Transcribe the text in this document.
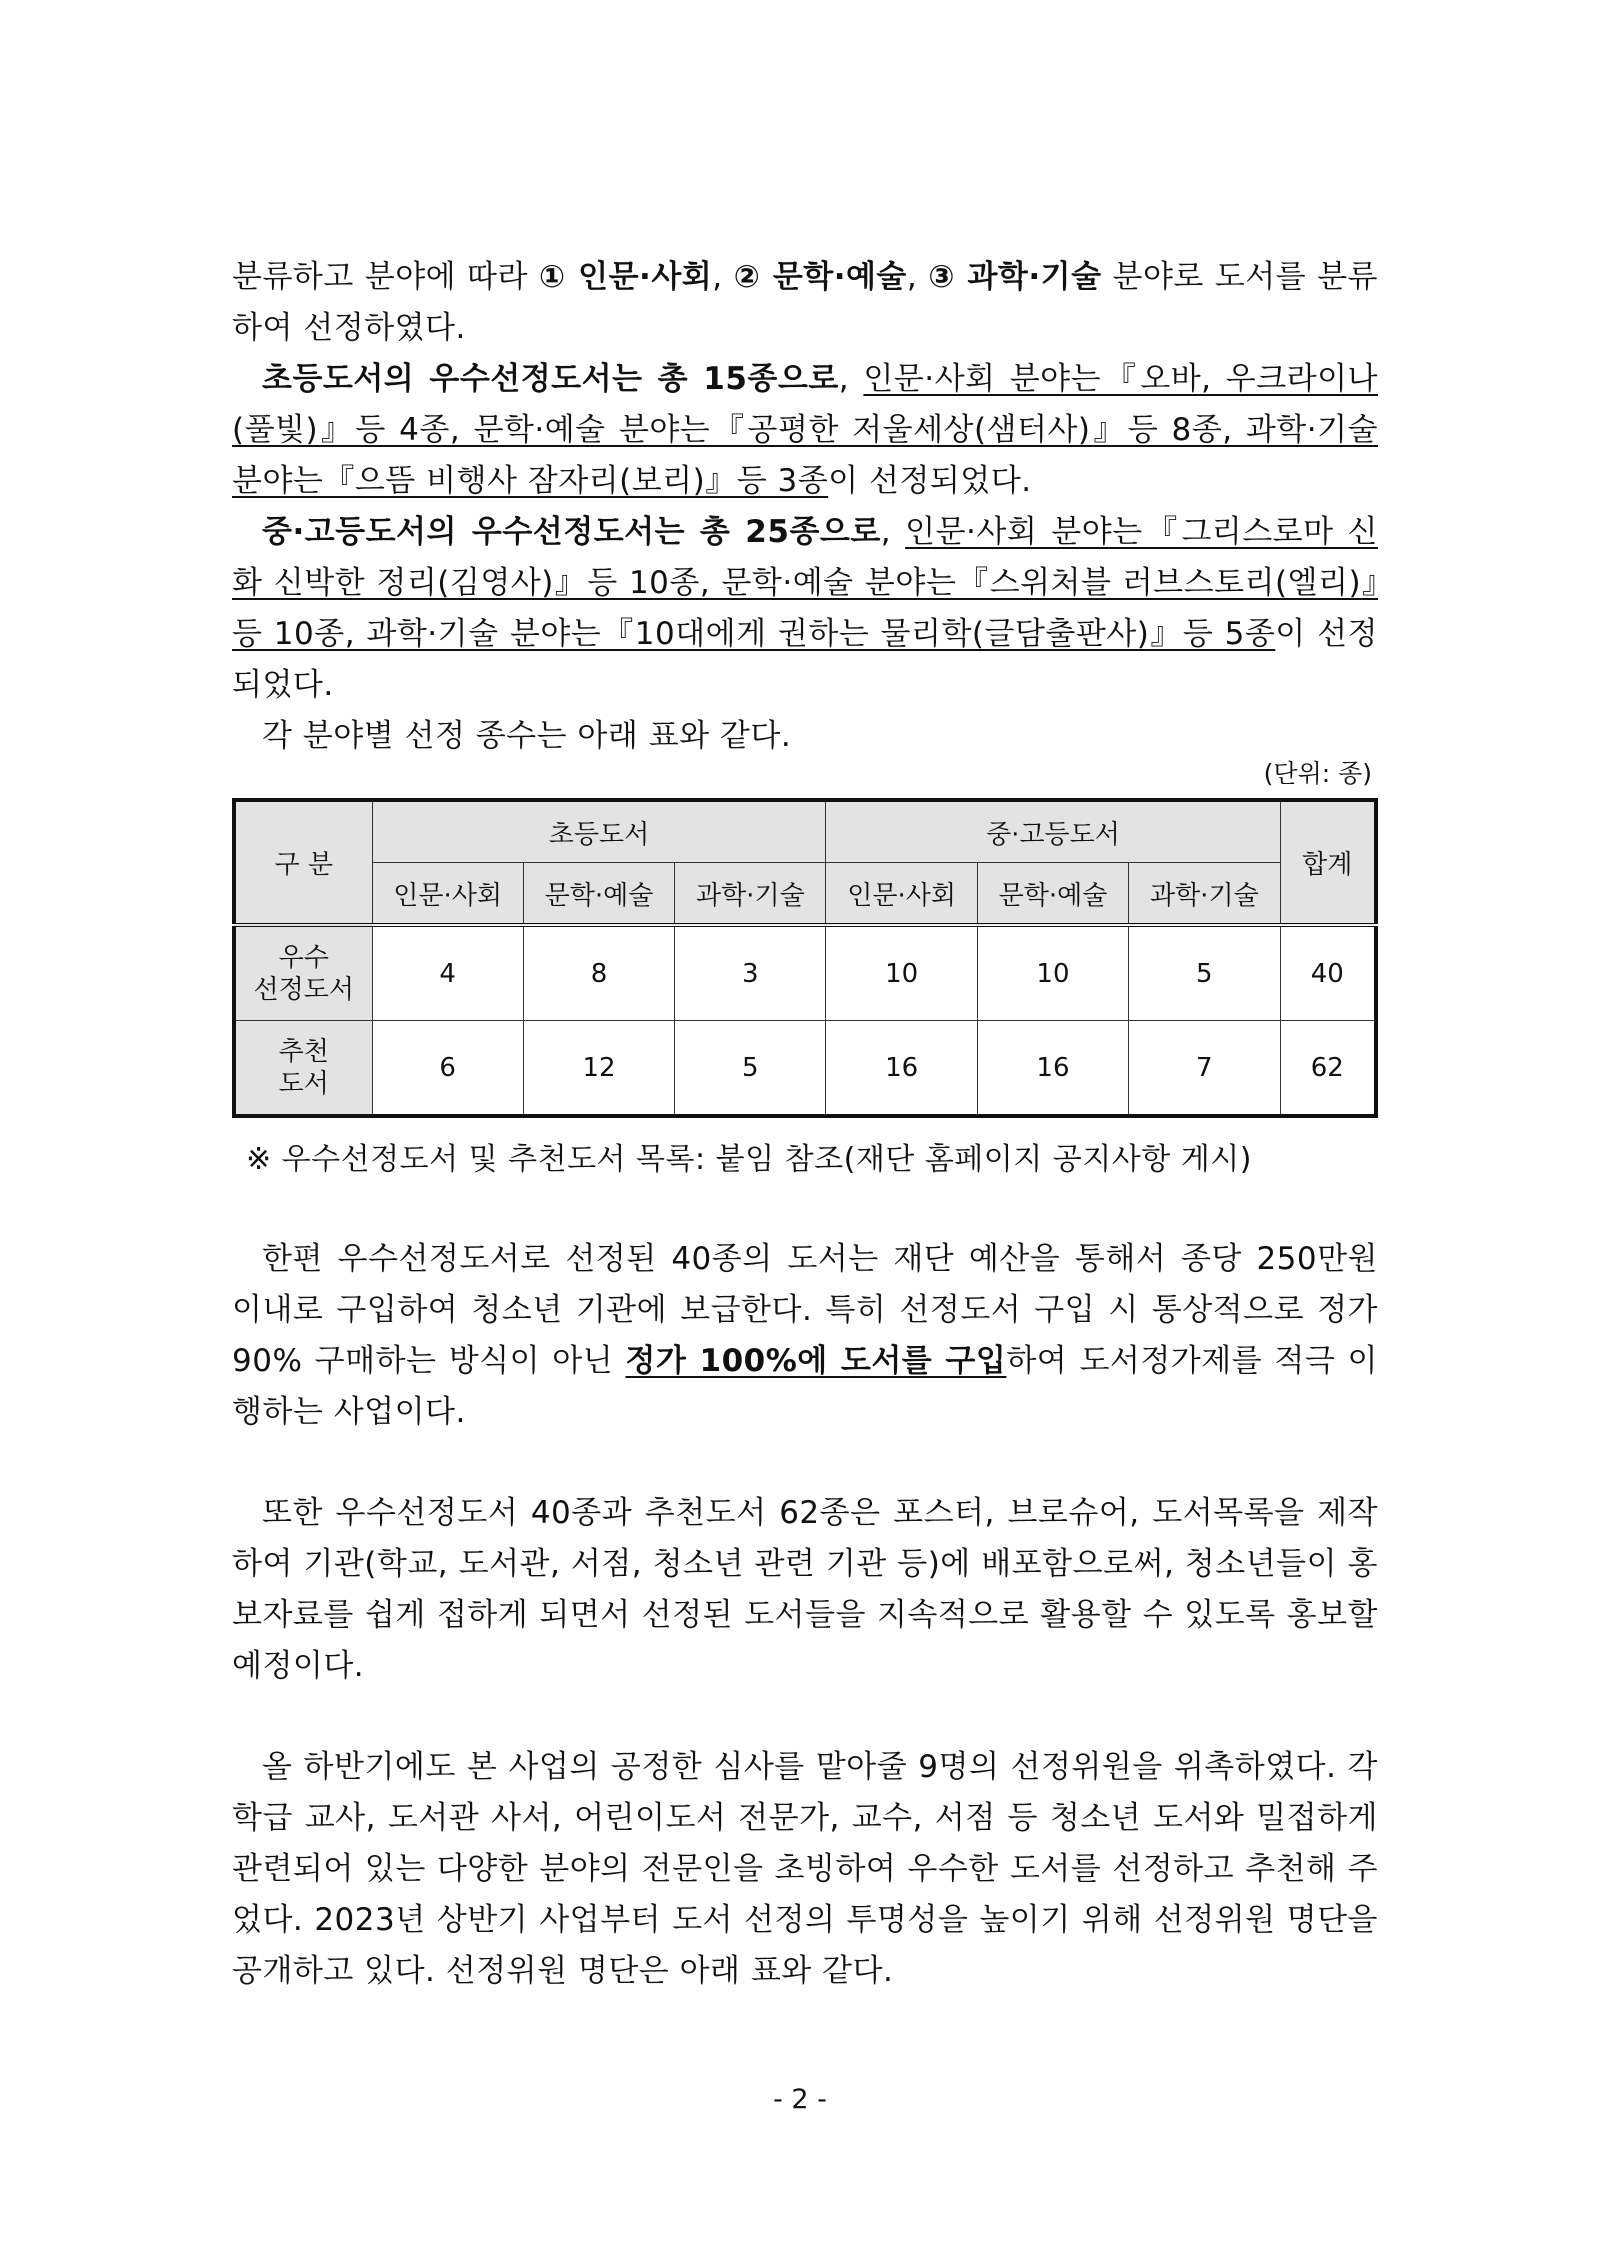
분류하고 분야에 따라 ① 인문·사회, ② 문학·예술, ③ 과학·기술 분야로 도서를 분류하여 선정하였다.

초등도서의 우수선정도서는 총 15종으로, 인문·사회 분야는『오바, 우크라이나(풀빛)』등 4종, 문학·예술 분야는『공평한 저울세상(샘터사)』등 8종, 과학·기술 분야는『으뜸 비행사 잠자리(보리)』등 3종이 선정되었다.

중·고등도서의 우수선정도서는 총 25종으로, 인문·사회 분야는『그리스로마 신화 신박한 정리(김영사)』등 10종, 문학·예술 분야는『스위처블 러브스토리(엘리)』등 10종, 과학·기술 분야는『10대에게 권하는 물리학(글담출판사)』등 5종이 선정되었다.

각 분야별 선정 종수는 아래 표와 같다.

(단위: 종)
구 분	초등도서			중·고등도서			합계
	인문·사회	문학·예술	과학·기술	인문·사회	문학·예술	과학·기술	
우수
선정도서	4	8	3	10	10	5	40
추천
도서	6	12	5	16	16	7	62
※ 우수선정도서 및 추천도서 목록: 붙임 참조(재단 홈페이지 공지사항 게시)

한편 우수선정도서로 선정된 40종의 도서는 재단 예산을 통해서 종당 250만원 이내로 구입하여 청소년 기관에 보급한다. 특히 선정도서 구입 시 통상적으로 정가 90% 구매하는 방식이 아닌 정가 100%에 도서를 구입하여 도서정가제를 적극 이행하는 사업이다.

또한 우수선정도서 40종과 추천도서 62종은 포스터, 브로슈어, 도서목록을 제작하여 기관(학교, 도서관, 서점, 청소년 관련 기관 등)에 배포함으로써, 청소년들이 홍보자료를 쉽게 접하게 되면서 선정된 도서들을 지속적으로 활용할 수 있도록 홍보할 예정이다.

올 하반기에도 본 사업의 공정한 심사를 맡아줄 9명의 선정위원을 위촉하였다. 각 학급 교사, 도서관 사서, 어린이도서 전문가, 교수, 서점 등 청소년 도서와 밀접하게 관련되어 있는 다양한 분야의 전문인을 초빙하여 우수한 도서를 선정하고 추천해 주었다. 2023년 상반기 사업부터 도서 선정의 투명성을 높이기 위해 선정위원 명단을 공개하고 있다. 선정위원 명단은 아래 표와 같다.

- 2 -
